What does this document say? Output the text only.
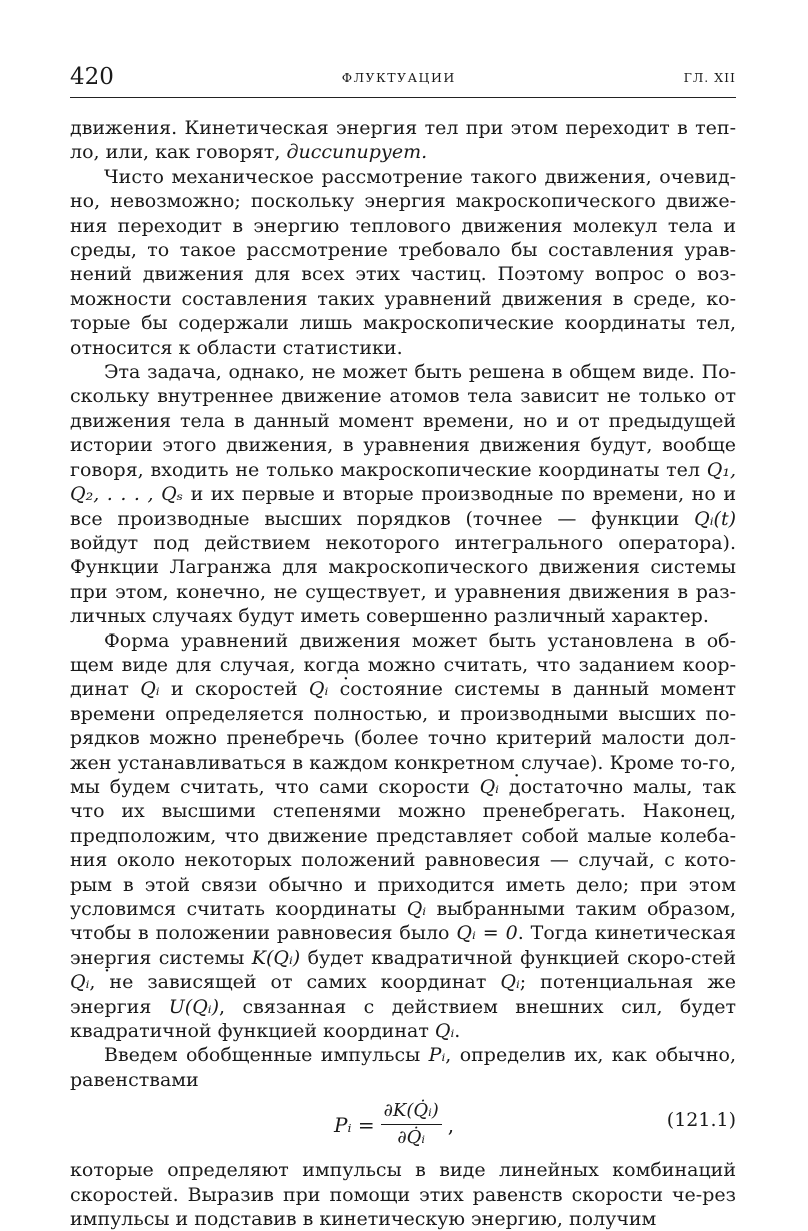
420	ФЛУКТУАЦИИ	ГЛ. XII

движения. Кинетическая энергия тел при этом переходит в теп-ло, или, как говорят, диссипирует.

Чисто механическое рассмотрение такого движения, очевид-но, невозможно; поскольку энергия макроскопического движе-ния переходит в энергию теплового движения молекул тела и среды, то такое рассмотрение требовало бы составления урав-нений движения для всех этих частиц. Поэтому вопрос о воз-можности составления таких уравнений движения в среде, ко-торые бы содержали лишь макроскопические координаты тел, относится к области статистики.

Эта задача, однако, не может быть решена в общем виде. По-скольку внутреннее движение атомов тела зависит не только от движения тела в данный момент времени, но и от предыдущей истории этого движения, в уравнения движения будут, вообще говоря, входить не только макроскопические координаты тел Q₁, Q₂, . . . , Qₛ и их первые и вторые производные по времени, но и все производные высших порядков (точнее — функции Qᵢ(t) войдут под действием некоторого интегрального оператора). Функции Лагранжа для макроскопического движения системы при этом, конечно, не существует, и уравнения движения в раз-личных случаях будут иметь совершенно различный характер.

Форма уравнений движения может быть установлена в об-щем виде для случая, когда можно считать, что заданием коор-динат Qᵢ и скоростей Qᵢ · состояние системы в данный момент времени определяется полностью, и производными высших по-рядков можно пренебречь (более точно критерий малости дол-жен устанавливаться в каждом конкретном случае). Кроме то-го, мы будем считать, что сами скорости Qᵢ · достаточно малы, так что их высшими степенями можно пренебрегать. Наконец, предположим, что движение представляет собой малые колеба-ния около некоторых положений равновесия — случай, с кото-рым в этой связи обычно и приходится иметь дело; при этом условимся считать координаты Qᵢ выбранными таким образом, чтобы в положении равновесия было Qᵢ = 0. Тогда кинетическая энергия системы K(Qᵢ) будет квадратичной функцией скоро-стей Qᵢ ·, не зависящей от самих координат Qᵢ; потенциальная же энергия U(Qᵢ), связанная с действием внешних сил, будет квадратичной функцией координат Qᵢ.

Введем обобщенные импульсы Pᵢ, определив их, как обычно, равенствами

Pᵢ = $\frac{\text{∂K(Q̇ᵢ)}}{\text{∂Q̇ᵢ}}$ ,	(121.1)

которые определяют импульсы в виде линейных комбинаций скоростей. Выразив при помощи этих равенств скорости че-рез импульсы и подставив в кинетическую энергию, получим
